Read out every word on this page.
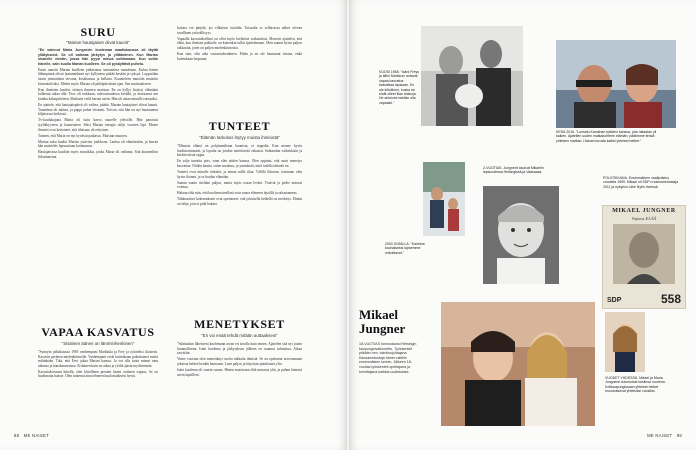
SURU
"Marian hautajaiset olivat kaunit"

"En vainnut Maria Jungnerin kuolemaa maaliskuussa oli täyttä yllätyksenä. Se oli vaikeaa järkytys ja ylittäminen. Kun Marian sisarelle viestin, jossa hän pyysi minua soittamaan. Kun soitin hänelle, sain kuulla Marian kuolleen. Se oli pysäyttävä puhelu.

Ensin annoin Marian kuolleen jatkavansa sairautensa muudenan. Kuluu hänen lähimpänsä olivat laatumiehenä nyt kyllyneen pitkää kesään ja syksyä. Lopputilan istuin ymmärtäen tervana, kesäkuussa ja kellaria. Kuunteleen muistiin muistiin kiusentulisiksi. Mietin myös Mariaa oli pitkäpäiväisen ajan. Sen muistaakseen.

Kun ihmisten kuolen, etäisen ihmisen muistan. En on kyllyt lisäytyi elämääni kulkenut aikaa alla. Teos oli tarkkaan, tulevaisuudessa kesällä, ja muistanut sen kuinka kaksipäivinen. Matkatte vielä kerran usein. Hän oli antaa minulle runsaaksi.

En ajattele, että hautajaispäivä oli vaikea, päättä. Marian hautajaiset olivat kaunit. Tunnelma oli intiimi, ja pappi puhui viisaasti. Toivon, että hän on nyt huomannut hiljaisessa hetkessä.

Tv-kuuluttajana Maria oli tuttu kasvo suurelle yleisölle. Hän panostui tyylikkyyteen ja kauneuteen. Siksi Marian energia säilyi vuosien läpi. Monet ihmiset ovat kertoneet, että tilaisuus oli erityinen.

Tunnen, että Maria on nyt hyvässä paikassa. Muistan nauraen.

Marian suku kuului Marian ystävien joukkoon. Laulua oli elämässään, ja kerran hän muistelee lapsuuttaan kotimaassa.

Hautajaisissa kuultiin myös musiikkia, jonka Maria oli valinnut. Sitä kuunneltiin liikuttuneina.

VAPAA KASVATUS
"Sisäinen äänen on lämminhenkinen"

"Synnyin juhlakuussa 1965 vanhempani Markkula ja Frey ja tyttäreksi ikuisesti. Kasvoin perheen mielenkiinnolle. Vanhempani eivät kuitenkaan pakottaneet meitä mihinkään. Tätä, että Eevi jakaa Mariaa kanssa. Ja voi olla tuota minun oma aikansa ja hanskanavatasa. Erilainen kuin on aikaa ja yöiltä ajasta myöhemmin.

Kasvatuksessani kiitellä, olen kiitollinen pienten lasten sisäinen vapaus. Se on huolimatta haaste. Olen tuntenut aina tehneen kuulostaakseni hyvin.

kotona voi pärjätä, jos vilkaisen isoäidin. Toisaalta se sellaisessa näkee olevan tavallinen ystävällisyys.

Vapaalla kasvatuksellani on ollut myös kielteisiä vaikutuksia. Monesti ajattelen, että ehkä, kun ihmisen pakkaile, on kuitenkin tullut ajattelemaan. Olen saanut hyvin paljon rakkautta, joten on paljon mielenkiintoista.

Kun sain, olin aika vastustushenkinen. Pidän ja en ole haastanut toistaa, enkä kuitenkaan luopunut.

TUNTEET
"Elämän tarkoitus löytyy muista ihmisistä"

"Minusta elämä on pohjimmiltaan kaunista, ei tragedia. Kun menee hyvin huolimattomasti, ja lopulta on jotakin mietittävää vakaasti. Suhtaudun vaikeuksiin ja kerään niistä oppia.

En sulje tunteita pois, vaan elän niiden kanssa. Olen oppinut, että suuri menetys kasvattaa. Niiden kautta, sitten muuttuu, ja ymmärtää, mitä todella tärkeää on.

Tunteet ovat minulle tärkeitä, ja annan niille tilaa. Välillä liikutun, toisinaan olen hyvin iloinen, ja se kuuluu elämään.

Saatan vaatia itseltäni paljon, mutta myös osaan levätä. Ystävät ja perhe antavat voimaa.

Haluan elää niin, että kuolinvuoteellani voin sanoa eläneeni täysillä ja rakastaneeni.

Tähänastiset kokemukseni ovat opettaneet, että jokaisella hetkellä on merkitys. Elämä on lahja, jota ei pidä hukata.

MENETYKSET
"En voi enää tehdä mitään auttaakseni"

"Suhtaudun läheisteni kuolemaan aivan eri tavalla kuin ennen. Ajattelen sitä nyt jotain luonnollisena. Isäni kuolema ja järkytyksen jälkeen en osannut suhtautua. Aikaa tarvittiin.

Viime vuosina olen menettänyt useita rakkaita ihmisiä. Se on opettanut arvostamaan jokaista hetkeä heidän kanssaan. Luen paljon ja kirjoitan ajatuksiani ylös.

Isäni kuolema oli suurin suruni. Hänen muistonsa elää minussa yhä, ja puhun hänestä usein lapsilleni.

88 ME NAISET
VUOSI 1965. "Isäni Freys ja äitini Markkuin antavat vapaa kasvatus kasvattaa lapsiaan. En ole kiitollinen, koska he eivät olleet liian tiukkoja. He antoivat meidän olla vapaasti."
KESÄ 2016. "Lomailu Karolinan tyttären kanssa, jota rakastan yli kaiken. Ajatellen uuden matkakohteen elämän, päätimme tehdä yhteisen matkan. Haluan kuvata kaikki yhteiset hetket."
2-VUOTIAS. Jungnerit asuivat Mikaelin lapsuudessa Helsingissä ja Vaasassa.
2000 GUNILLA. "Kaimina kauhaiseksi lapsemme mikoittavat."
POLIITIKKANA. Ensimmäinen vaalijulistus vuodelta 1999. Mikael oli SDP:n kansanedustaja 2011 ja nykyisin Liike Nytin riveissä.
MIKAEL JUNGNER
Vapaus ELÄÄ
SDP	558
Mikael
Jungner
18-VUOTIAS tunnustautui Helsingin kaupunginvaltuutettu. Työskenteli pitkään mm. toimitusjohtajana. Kansanedustaja hänet valittiin ensimmäisen kerran. Jälkeen 18-vuotias työskenteli opettajana ja toimittajana kaikkia uudistuksia.
VUODET YHDESSÄ. Mikael ja Maria Jungnerin tutustuivat toisiinsa nuorena. Kotikaupungissaan yhteiset hetket muodostuivat yhteisiksi vuosiksi.
ME NAISET 89
